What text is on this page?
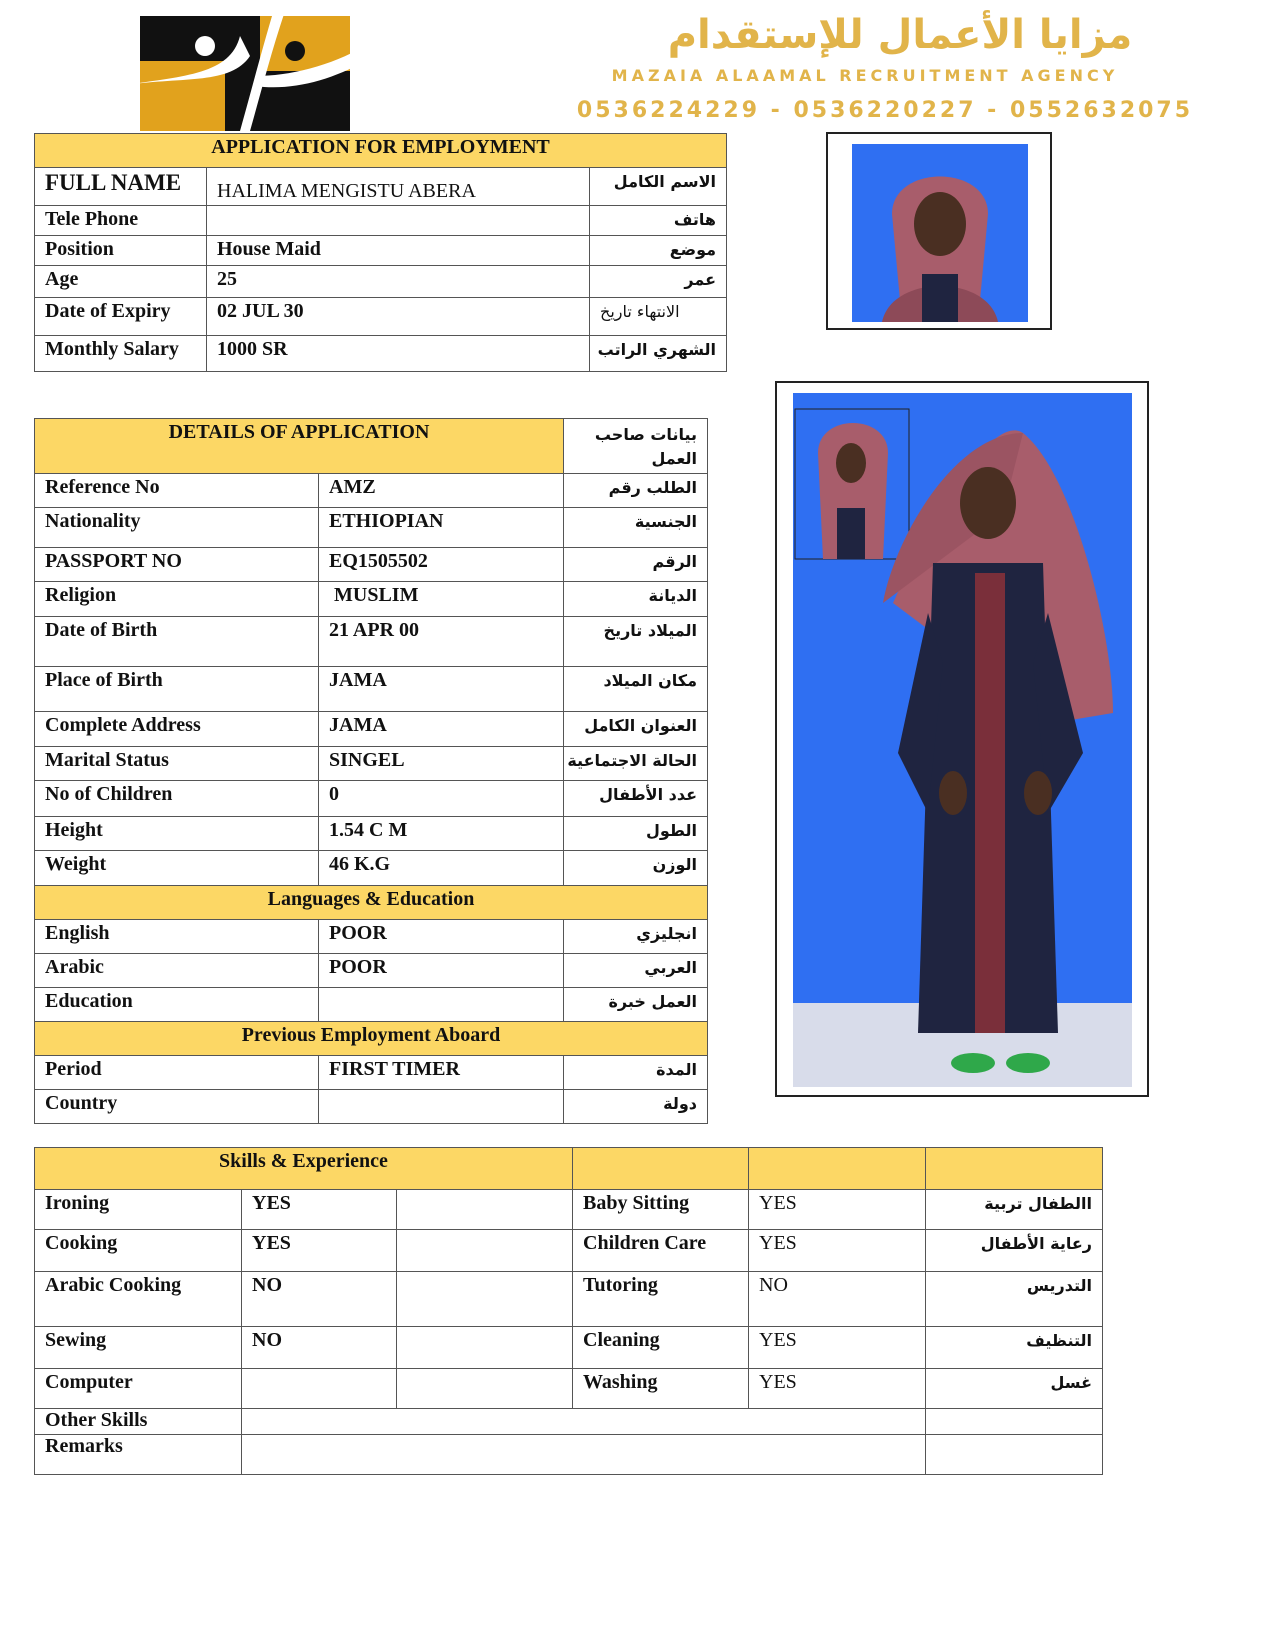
مزايا الأعمال للإستقدام
MAZAIA ALAAMAL RECRUITMENT AGENCY
0536224229 - 0536220227 - 0552632075
APPLICATION FOR EMPLOYMENT		
FULL NAME	HALIMA MENGISTU ABERA	الاسم الكامل
Tele Phone		هاتف
Position	House Maid	موضع
Age	25	عمر
Date of Expiry	02 JUL 30	الانتهاء تاريخ
Monthly Salary	1000 SR	الشهري الراتب
DETAILS OF APPLICATION		بيانات صاحب العمل
Reference No	AMZ	الطلب رقم
Nationality	ETHIOPIAN	الجنسية
PASSPORT NO	EQ1505502	الرقم
Religion	MUSLIM	الديانة
Date of Birth	21 APR 00	الميلاد تاريخ
Place of Birth	JAMA	مكان الميلاد
Complete Address	JAMA	العنوان الكامل
Marital Status	SINGEL	الحالة الاجتماعية
No of Children	0	عدد الأطفال
Height	1.54 C M	الطول
Weight	46 K.G	الوزن
Languages & Education		
English	POOR	انجليزي
Arabic	POOR	العربي
Education		العمل خبرة
Previous Employment Aboard		
Period	FIRST TIMER	المدة
Country		دولة
Skills & Experience					
Ironing	YES		Baby Sitting	YES	االطفال تربية
Cooking	YES		Children Care	YES	رعاية الأطفال
Arabic Cooking	NO		Tutoring	NO	التدريس
Sewing	NO		Cleaning	YES	التنظيف
Computer			Washing	YES	غسل
Other Skills					
Remarks					
